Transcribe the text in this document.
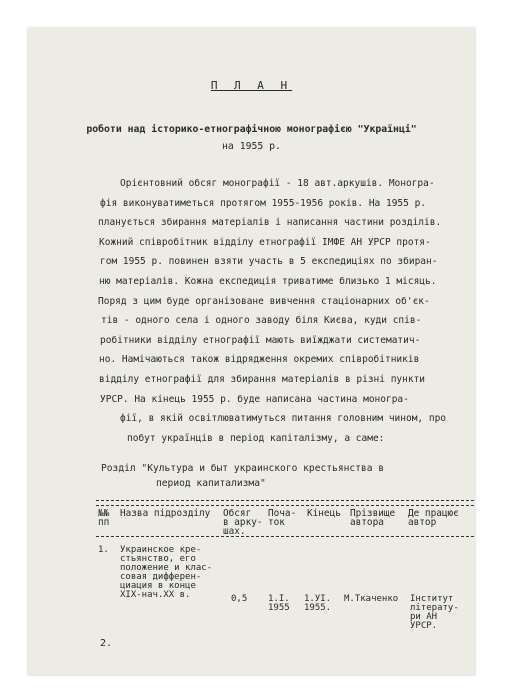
П Л А Н
роботи над історико-етнографічною монографією "Українці"
на 1955 р.
Орієнтовний обсяг монографії - 18 авт.аркушів. Моногра-
фія виконуватиметься протягом 1955-1956 років. На 1955 р.
планується збирання матеріалів і написання частини розділів.
Кожний співробітник відділу етнографії ІМФЕ АН УРСР протя-
гом 1955 р. повинен взяти участь в 5 експедиціях по збиран-
ню матеріалів. Кожна експедиція триватиме близько 1 місяць.
Поряд з цим буде організоване вивчення стаціонарних об'єк-
тів - одного села і одного заводу біля Києва, куди спів-
робітники відділу етнографії мають виїжджати систематич-
но. Намічаються також відрядження окремих співробітників
відділу етнографії для збирання матеріалів в різні пункти
УРСР. На кінець 1955 р. буде написана частина моногра-
фії, в якій освітлюватимуться питання головним чином, про
побут українців в період капіталізму, а саме:
Розділ "Культура и быт украинского крестьянства в
период капитализма"
№№
пп
Назва підрозділу Обсяг
в арку-
шах.
Поча-
ток
Кінець Прізвище
автора
Де працює
автор
1. Украинское кре-
стьянство, его
положение и клас-
совая дифферен-
циация в конце
XIX-нач.XX в.	0,5 1.I.
1955
1.УІ.
1955.
М.Ткаченко Інститут
літерату-
ри АН
УРСР.
2.
